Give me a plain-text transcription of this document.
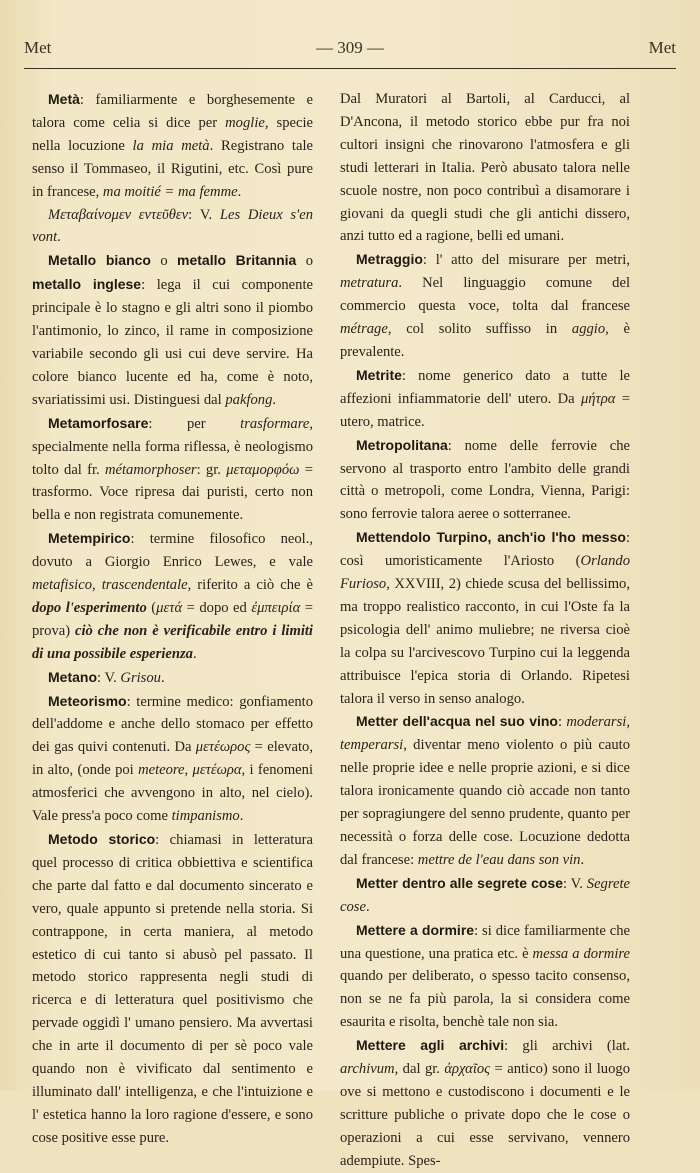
Met	— 309 —	Met

Metà: familiarmente e borghesemente e talora come celia si dice per moglie, specie nella locuzione la mia metà. Registrano tale senso il Tommaseo, il Rigutini, etc. Così pure in francese, ma moitié = ma femme.

Μεταβαίνομεν εντεῦθεν: V. Les Dieux s'en vont.

Metallo bianco o metallo Britannia o metallo inglese: lega il cui componente principale è lo stagno e gli altri sono il piombo l'antimonio, lo zinco, il rame in composizione variabile secondo gli usi cui deve servire. Ha colore bianco lucente ed ha, come è noto, svariatissimi usi. Distinguesi dal pakfong.

Metamorfosare: per trasformare, specialmente nella forma riflessa, è neologismo tolto dal fr. métamorphoser: gr. μεταμορφόω = trasformo. Voce ripresa dai puristi, certo non bella e non registrata comunemente.

Metempirico: termine filosofico neol., dovuto a Giorgio Enrico Lewes, e vale metafisico, trascendentale, riferito a ciò che è dopo l'esperimento (μετά = dopo ed ἐμπειρία = prova) ciò che non è verificabile entro i limiti di una possibile esperienza.

Metano: V. Grisou.

Meteorismo: termine medico: gonfiamento dell'addome e anche dello stomaco per effetto dei gas quivi contenuti. Da μετέωρος = elevato, in alto, (onde poi meteore, μετέωρα, i fenomeni atmosferici che avvengono in alto, nel cielo). Vale press'a poco come timpanismo.

Metodo storico: chiamasi in letteratura quel processo di critica obbiettiva e scientifica che parte dal fatto e dal documento sincerato e vero, quale appunto si pretende nella storia. Si contrappone, in certa maniera, al metodo estetico di cui tanto si abusò pel passato. Il metodo storico rappresenta negli studi di ricerca e di letteratura quel positivismo che pervade oggidì l' umano pensiero. Ma avvertasi che in arte il documento di per sè poco vale quando non è vivificato dal sentimento e illuminato dall' intelligenza, e che l'intuizione e l' estetica hanno la loro ragione d'essere, e sono cose positive esse pure.

Dal Muratori al Bartoli, al Carducci, al D'Ancona, il metodo storico ebbe pur fra noi cultori insigni che rinovarono l'atmosfera e gli studi letterari in Italia. Però abusato talora nelle scuole nostre, non poco contribuì a disamorare i giovani da quegli studi che gli antichi dissero, anzi tutto ed a ragione, belli ed umani.

Metraggio: l' atto del misurare per metri, metratura. Nel linguaggio comune del commercio questa voce, tolta dal francese métrage, col solito suffisso in aggio, è prevalente.

Metrite: nome generico dato a tutte le affezioni infiammatorie dell' utero. Da μήτρα = utero, matrice.

Metropolitana: nome delle ferrovie che servono al trasporto entro l'ambito delle grandi città o metropoli, come Londra, Vienna, Parigi: sono ferrovie talora aeree o sotterranee.

Mettendolo Turpino, anch'io l'ho messo: così umoristicamente l'Ariosto (Orlando Furioso, XXVIII, 2) chiede scusa del bellissimo, ma troppo realistico racconto, in cui l'Oste fa la psicologia dell' animo muliebre; ne riversa cioè la colpa su l'arcivescovo Turpino cui la leggenda attribuisce l'epica storia di Orlando. Ripetesi talora il verso in senso analogo.

Metter dell'acqua nel suo vino: moderarsi, temperarsi, diventar meno violento o più cauto nelle proprie idee e nelle proprie azioni, e si dice talora ironicamente quando ciò accade non tanto per sopragiungere del senno prudente, quanto per necessità o forza delle cose. Locuzione dedotta dal francese: mettre de l'eau dans son vin.

Metter dentro alle segrete cose: V. Segrete cose.

Mettere a dormire: si dice familiarmente che una questione, una pratica etc. è messa a dormire quando per deliberato, o spesso tacito consenso, non se ne fa più parola, la si considera come esaurita e risolta, benchè tale non sia.

Mettere agli archivi: gli archivi (lat. archivum, dal gr. ἀρχαῖος = antico) sono il luogo ove si mettono e custodiscono i documenti e le scritture publiche o private dopo che le cose o operazioni a cui esse servivano, vennero adempiute. Spes-
